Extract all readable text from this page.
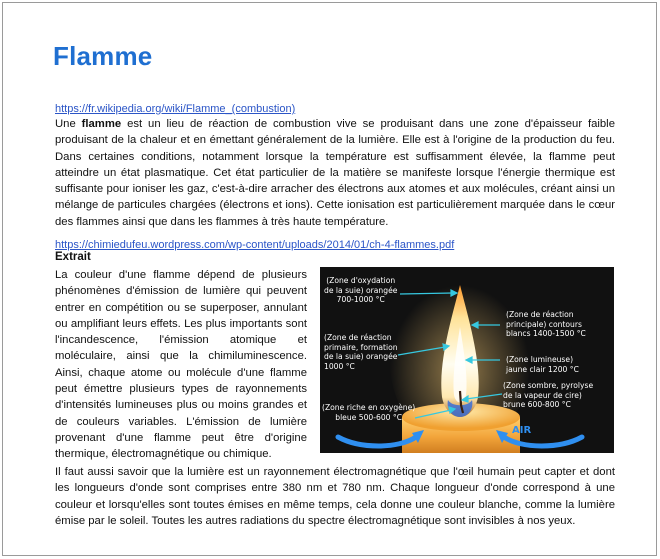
Flamme
https://fr.wikipedia.org/wiki/Flamme_(combustion)

Une flamme est un lieu de réaction de combustion vive se produisant dans une zone d'épaisseur faible produisant de la chaleur et en émettant généralement de la lumière. Elle est à l'origine de la production du feu. Dans certaines conditions, notamment lorsque la température est suffisamment élevée, la flamme peut atteindre un état plasmatique. Cet état particulier de la matière se manifeste lorsque l'énergie thermique est suffisante pour ioniser les gaz, c'est-à-dire arracher des électrons aux atomes et aux molécules, créant ainsi un mélange de particules chargées (électrons et ions). Cette ionisation est particulièrement marquée dans le cœur des flammes ainsi que dans les flammes à très haute température.

https://chimiedufeu.wordpress.com/wp-content/uploads/2014/01/ch-4-flammes.pdf
Extrait

La couleur d'une flamme dépend de plusieurs phénomènes d'émission de lumière qui peuvent entrer en compétition ou se superposer, annulant ou amplifiant leurs effets. Les plus importants sont l'incandescence, l'émission atomique et moléculaire, ainsi que la chimiluminescence. Ainsi, chaque atome ou molécule d'une flamme peut émettre plusieurs types de rayonnements d'intensités lumineuses plus ou moins grandes et de couleurs variables. L'émission de lumière provenant d'une flamme peut être d'origine thermique, électromagnétique ou chimique.

(Zone d'oxydation
de la suie) orangée
700-1000 °C
(Zone de réaction
principale) contours
blancs 1400-1500 °C
(Zone de réaction
primaire, formation
de la suie) orangée
1000 °C
(Zone lumineuse)
jaune clair 1200 °C
(Zone sombre, pyrolyse
de la vapeur de cire)
brune 600-800 °C
(Zone riche en oxygène)
bleue 500-600 °C
AIR

Il faut aussi savoir que la lumière est un rayonnement électromagnétique que l'œil humain peut capter et dont les longueurs d'onde sont comprises entre 380 nm et 780 nm. Chaque longueur d'onde correspond à une couleur et lorsqu'elles sont toutes émises en même temps, cela donne une couleur blanche, comme la lumière émise par le soleil. Toutes les autres radiations du spectre électromagnétique sont invisibles à nos yeux.
